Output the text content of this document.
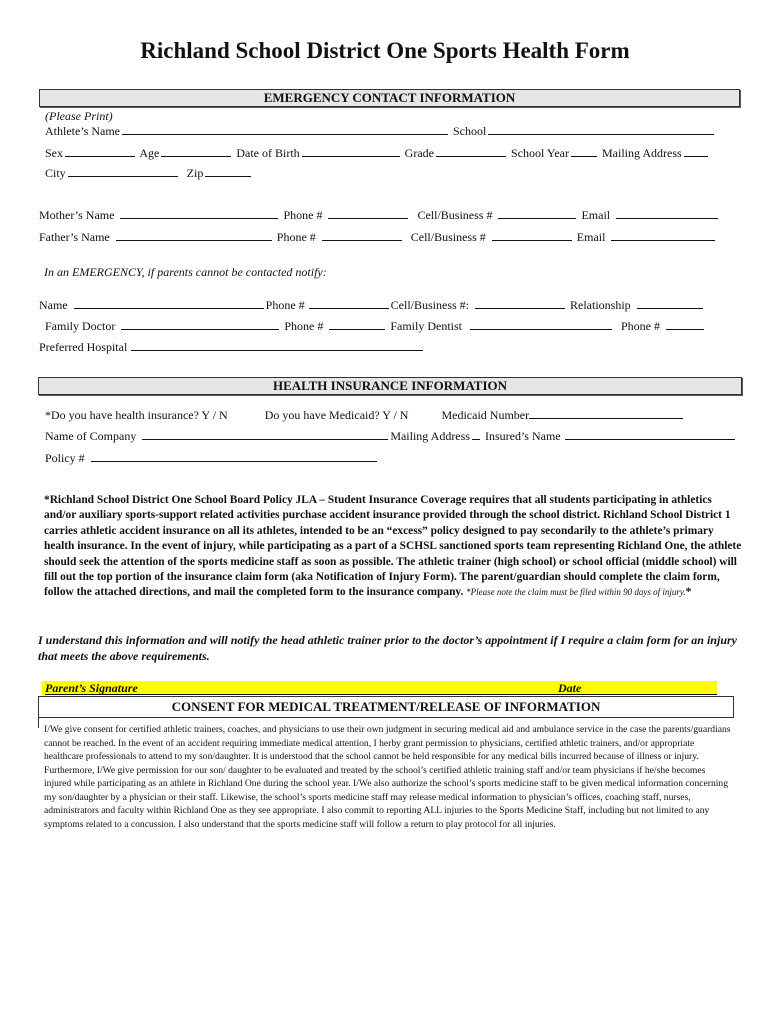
Richland School District One Sports Health Form
EMERGENCY CONTACT INFORMATION
(Please Print)
Athlete’s Name	School
Sex	Age	Date of Birth	Grade	School Year	Mailing Address
City	Zip
Mother’s Name	Phone #	Cell/Business #	Email
Father’s Name	Phone #	Cell/Business #	Email
In an EMERGENCY, if parents cannot be contacted notify:
Name	Phone #	Cell/Business #:	Relationship
Family Doctor	Phone #	Family Dentist	Phone #
Preferred Hospital
HEALTH INSURANCE INFORMATION
*Do you have health insurance? Y / N	Do you have Medicaid? Y / N	Medicaid Number
Name of Company	Mailing Address Insured’s Name
Policy #
*Richland School District One School Board Policy JLA – Student Insurance Coverage requires that all students participating in athletics and/or auxiliary sports-support related activities purchase accident insurance provided through the school district. Richland School District 1 carries athletic accident insurance on all its athletes, intended to be an “excess” policy designed to pay secondarily to the athlete’s primary health insurance. In the event of injury, while participating as a part of a SCHSL sanctioned sports team representing Richland One, the athlete should seek the attention of the sports medicine staff as soon as possible. The athletic trainer (high school) or school official (middle school) will fill out the top portion of the insurance claim form (aka Notification of Injury Form). The parent/guardian should complete the claim form, follow the attached directions, and mail the completed form to the insurance company. *Please note the claim must be filed within 90 days of injury.*
I understand this information and will notify the head athletic trainer prior to the doctor’s appointment if I require a claim form for an injury that meets the above requirements.
Parent’s Signature	Date
CONSENT FOR MEDICAL TREATMENT/RELEASE OF INFORMATION
I/We give consent for certified athletic trainers, coaches, and physicians to use their own judgment in securing medical aid and ambulance service in the case the parents/guardians cannot be reached. In the event of an accident requiring immediate medical attention, I herby grant permission to physicians, certified athletic trainers, and/or appropriate healthcare professionals to attend to my son/daughter. It is understood that the school cannot be held responsible for any medical bills incurred because of illness or injury. Furthermore, I/We give permission for our son/ daughter to be evaluated and treated by the school’s certified athletic training staff and/or team physicians if he/she becomes injured while participating as an athlete in Richland One during the school year. I/We also authorize the school’s sports medicine staff to be given medical information concerning my son/daughter by a physician or their staff. Likewise, the school’s sports medicine staff may release medical information to physician’s offices, coaching staff, nurses, administrators and faculty within Richland One as they see appropriate. I also commit to reporting ALL injuries to the Sports Medicine Staff, including but not limited to any symptoms related to a concussion. I also understand that the sports medicine staff will follow a return to play protocol for all injuries.
